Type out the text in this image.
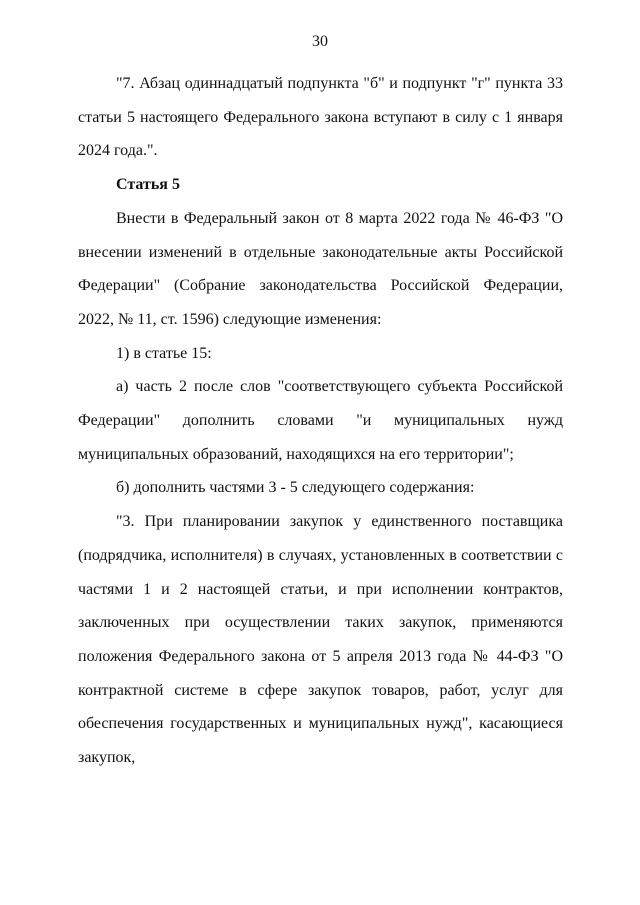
30

"7. Абзац одиннадцатый подпункта "б" и подпункт "г" пункта 33 статьи 5 настоящего Федерального закона вступают в силу с 1 января 2024 года.".

Статья 5

Внести в Федеральный закон от 8 марта 2022 года № 46-ФЗ "О внесении изменений в отдельные законодательные акты Российской Федерации" (Собрание законодательства Российской Федерации, 2022, № 11, ст. 1596) следующие изменения:

1) в статье 15:

а) часть 2 после слов "соответствующего субъекта Российской Федерации" дополнить словами "и муниципальных нужд муниципальных образований, находящихся на его территории";

б) дополнить частями 3 - 5 следующего содержания:

"3. При планировании закупок у единственного поставщика (подрядчика, исполнителя) в случаях, установленных в соответствии с частями 1 и 2 настоящей статьи, и при исполнении контрактов, заключенных при осуществлении таких закупок, применяются положения Федерального закона от 5 апреля 2013 года № 44-ФЗ "О контрактной системе в сфере закупок товаров, работ, услуг для обеспечения государственных и муниципальных нужд", касающиеся закупок,
